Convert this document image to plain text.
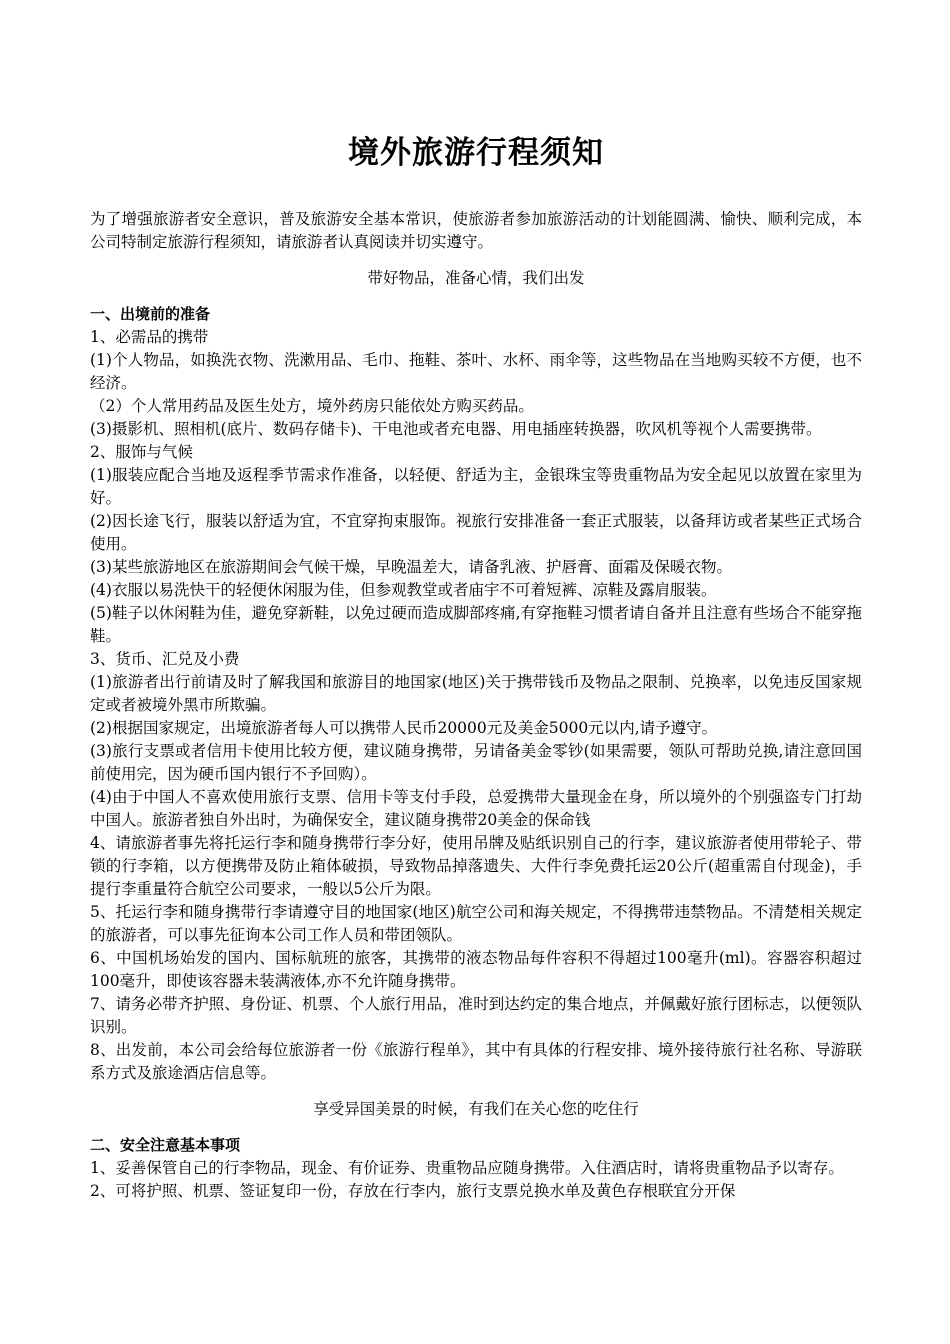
境外旅游行程须知

为了增强旅游者安全意识，普及旅游安全基本常识，使旅游者参加旅游活动的计划能圆满、愉快、顺利完成，本公司特制定旅游行程须知，请旅游者认真阅读并切实遵守。

带好物品，准备心情，我们出发

一、出境前的准备

1、必需品的携带

(1)个人物品，如换洗衣物、洗漱用品、毛巾、拖鞋、茶叶、水杯、雨伞等，这些物品在当地购买较不方便，也不经济。

（2）个人常用药品及医生处方，境外药房只能依处方购买药品。

(3)摄影机、照相机(底片、数码存储卡)、干电池或者充电器、用电插座转换器，吹风机等视个人需要携带。

2、服饰与气候

(1)服装应配合当地及返程季节需求作准备，以轻便、舒适为主，金银珠宝等贵重物品为安全起见以放置在家里为好。

(2)因长途飞行，服装以舒适为宜，不宜穿拘束服饰。视旅行安排准备一套正式服装，以备拜访或者某些正式场合使用。

(3)某些旅游地区在旅游期间会气候干燥，早晚温差大，请备乳液、护唇膏、面霜及保暖衣物。

(4)衣服以易洗快干的轻便休闲服为佳，但参观教堂或者庙宇不可着短裤、凉鞋及露肩服装。

(5)鞋子以休闲鞋为佳，避免穿新鞋，以免过硬而造成脚部疼痛,有穿拖鞋习惯者请自备并且注意有些场合不能穿拖鞋。

3、货币、汇兑及小费

(1)旅游者出行前请及时了解我国和旅游目的地国家(地区)关于携带钱币及物品之限制、兑换率，以免违反国家规定或者被境外黑市所欺骗。

(2)根据国家规定，出境旅游者每人可以携带人民币20000元及美金5000元以内,请予遵守。

(3)旅行支票或者信用卡使用比较方便，建议随身携带，另请备美金零钞(如果需要，领队可帮助兑换,请注意回国前使用完，因为硬币国内银行不予回购）。

(4)由于中国人不喜欢使用旅行支票、信用卡等支付手段，总爱携带大量现金在身，所以境外的个别强盗专门打劫中国人。旅游者独自外出时，为确保安全，建议随身携带20美金的保命钱

4、请旅游者事先将托运行李和随身携带行李分好，使用吊牌及贴纸识别自己的行李，建议旅游者使用带轮子、带锁的行李箱，以方便携带及防止箱体破损，导致物品掉落遗失、大件行李免费托运20公斤(超重需自付现金)，手提行李重量符合航空公司要求，一般以5公斤为限。

5、托运行李和随身携带行李请遵守目的地国家(地区)航空公司和海关规定，不得携带违禁物品。不清楚相关规定的旅游者，可以事先征询本公司工作人员和带团领队。

6、中国机场始发的国内、国标航班的旅客，其携带的液态物品每件容积不得超过100毫升(ml)。容器容积超过100毫升，即使该容器未装满液体,亦不允许随身携带。

7、请务必带齐护照、身份证、机票、个人旅行用品，准时到达约定的集合地点，并佩戴好旅行团标志，以便领队识别。

8、出发前，本公司会给每位旅游者一份《旅游行程单》，其中有具体的行程安排、境外接待旅行社名称、导游联系方式及旅途酒店信息等。

享受异国美景的时候，有我们在关心您的吃住行

二、安全注意基本事项

1、妥善保管自己的行李物品，现金、有价证券、贵重物品应随身携带。入住酒店时，请将贵重物品予以寄存。

2、可将护照、机票、签证复印一份，存放在行李内，旅行支票兑换水单及黄色存根联宜分开保
